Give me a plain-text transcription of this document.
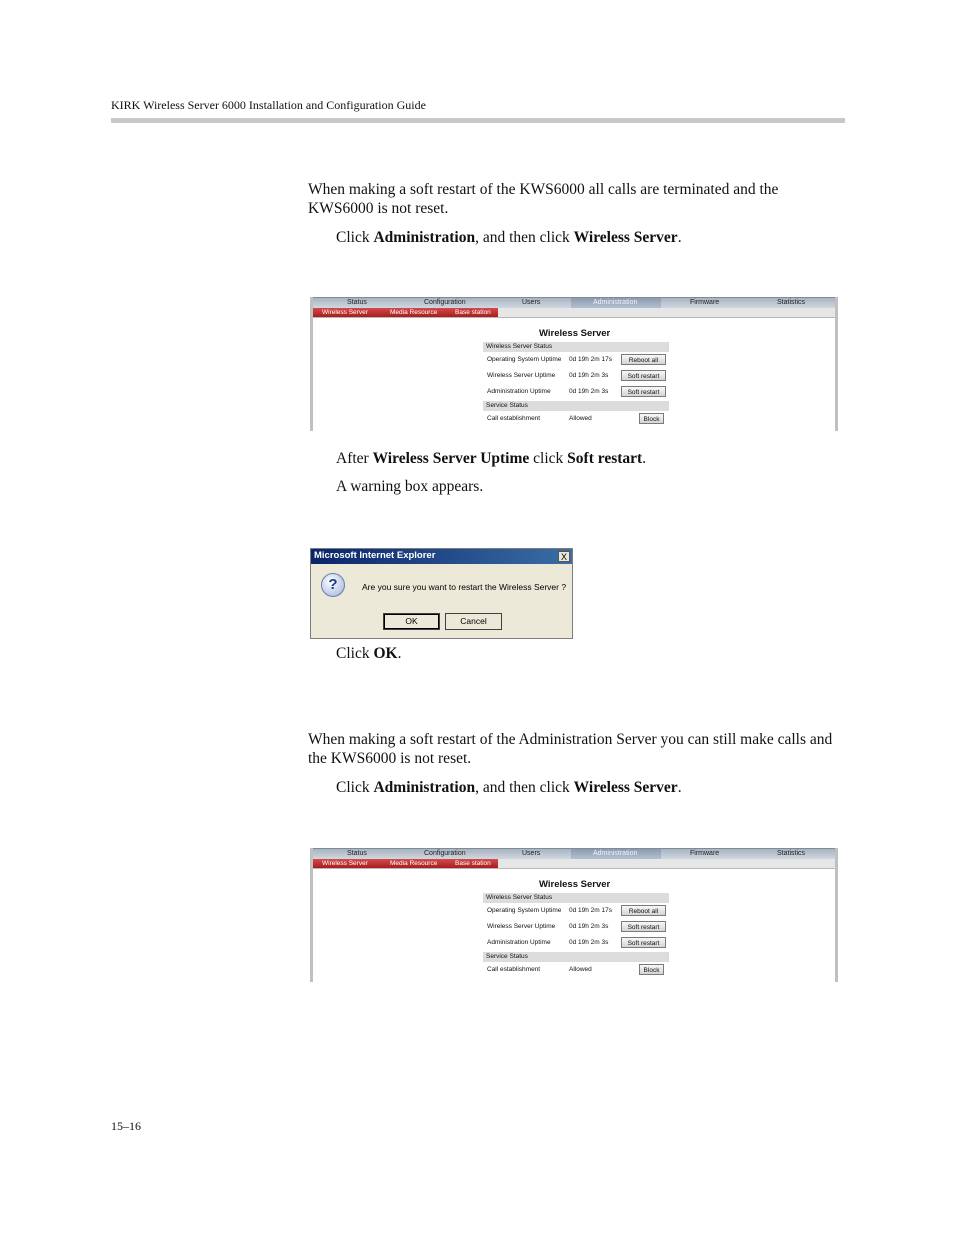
KIRK Wireless Server 6000 Installation and Configuration Guide

When making a soft restart of the KWS6000 all calls are terminated and the KWS6000 is not reset.

Click Administration, and then click Wireless Server.

Status	Configuration	Users	Administration	Firmware	Statistics
Wireless Server	Media Resource	Base station
Wireless Server
Wireless Server Status
Operating System Uptime 0d 19h 2m 17s	Reboot all
Wireless Server Uptime 0d 19h 2m 3s	Soft restart
Administration Uptime	0d 19h 2m 3s	Soft restart
Service Status
Call establishment	Allowed	Block

After Wireless Server Uptime click Soft restart.

A warning box appears.

Microsoft Internet Explorer	X
?	Are you sure you want to restart the Wireless Server ?
OK	Cancel

Click OK.

When making a soft restart of the Administration Server you can still make calls and the KWS6000 is not reset.

Click Administration, and then click Wireless Server.

Status	Configuration	Users	Administration	Firmware	Statistics
Wireless Server	Media Resource	Base station
Wireless Server
Wireless Server Status
Operating System Uptime 0d 19h 2m 17s	Reboot all
Wireless Server Uptime 0d 19h 2m 3s	Soft restart
Administration Uptime	0d 19h 2m 3s	Soft restart
Service Status
Call establishment	Allowed	Block
15–16
